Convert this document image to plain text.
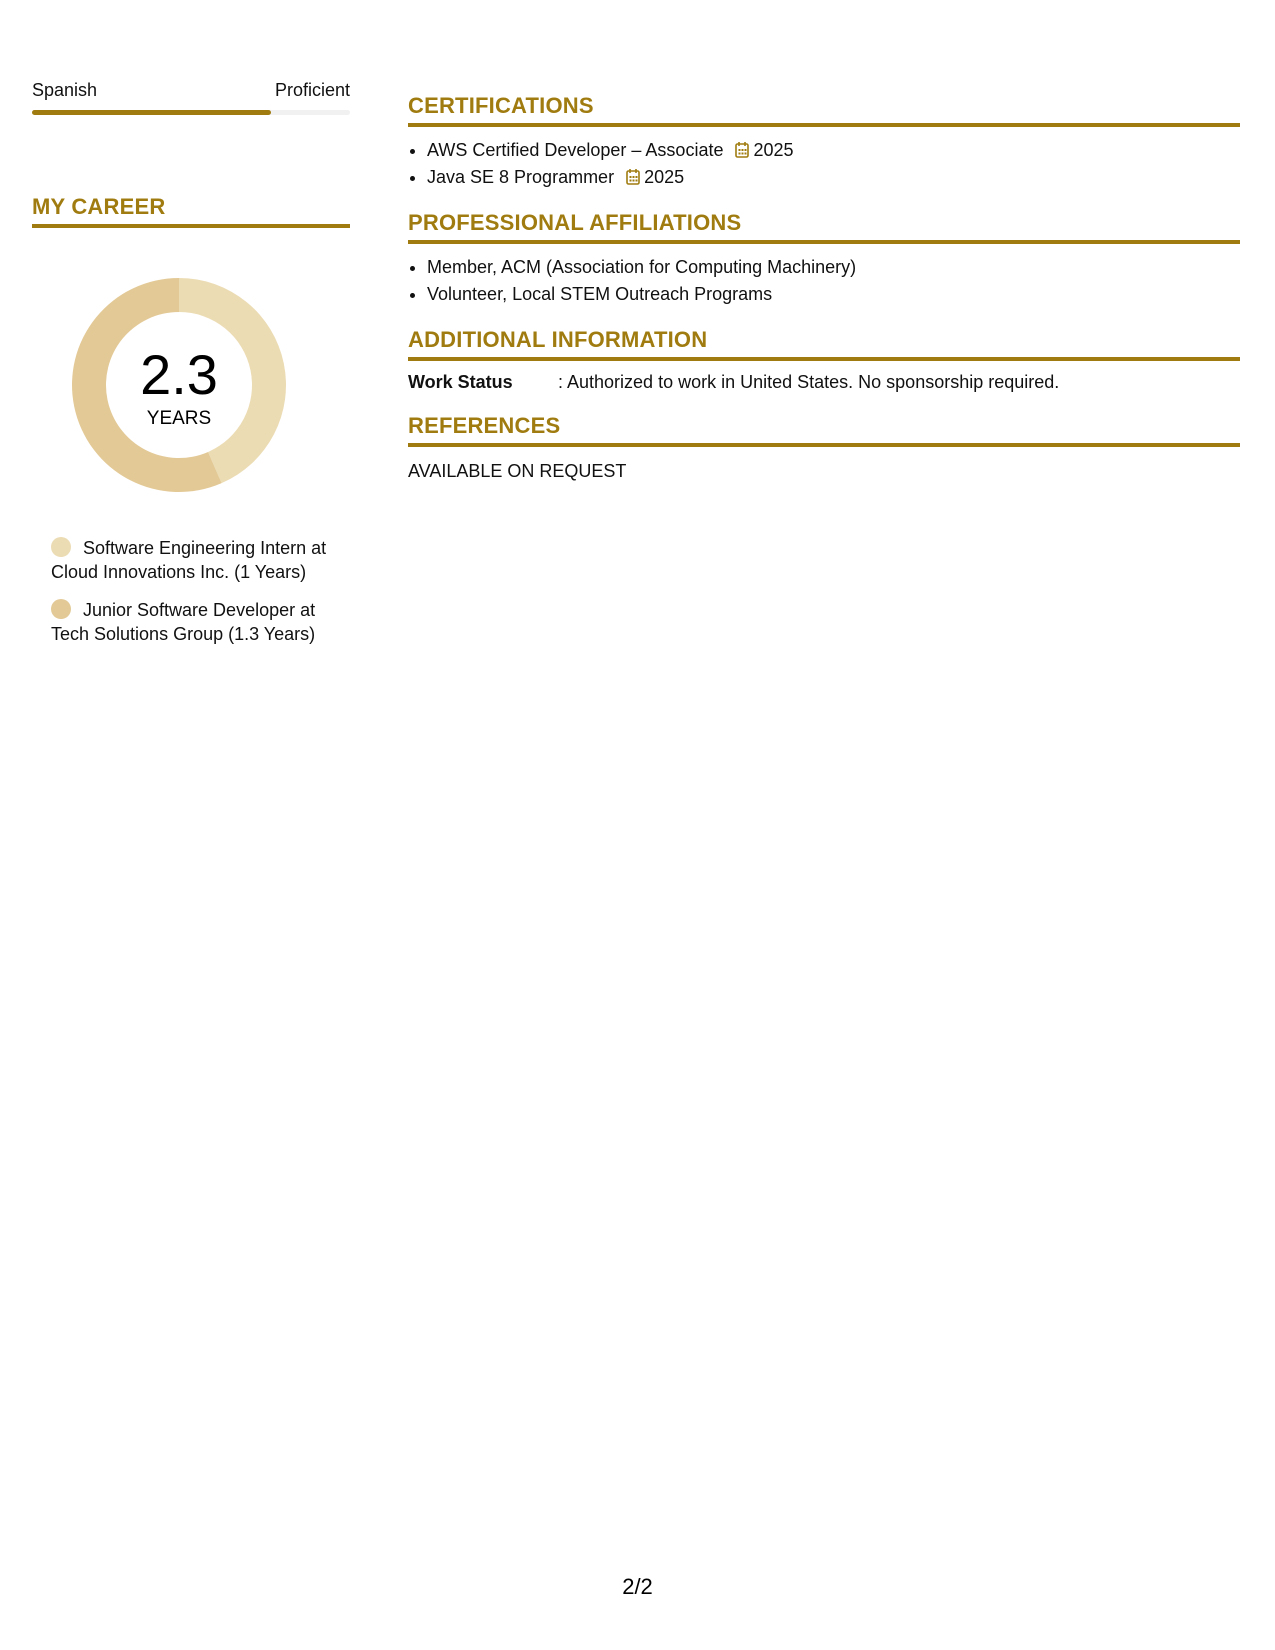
Spanish	Proficient
MY CAREER
2.3
YEARS
Software Engineering Intern at Cloud Innovations Inc. (1 Years)
Junior Software Developer at Tech Solutions Group (1.3 Years)
CERTIFICATIONS
• AWS Certified Developer – Associate 2025
• Java SE 8 Programmer 2025
PROFESSIONAL AFFILIATIONS
• Member, ACM (Association for Computing Machinery)
• Volunteer, Local STEM Outreach Programs
ADDITIONAL INFORMATION
Work Status	: Authorized to work in United States. No sponsorship required.
REFERENCES
AVAILABLE ON REQUEST
2/2
